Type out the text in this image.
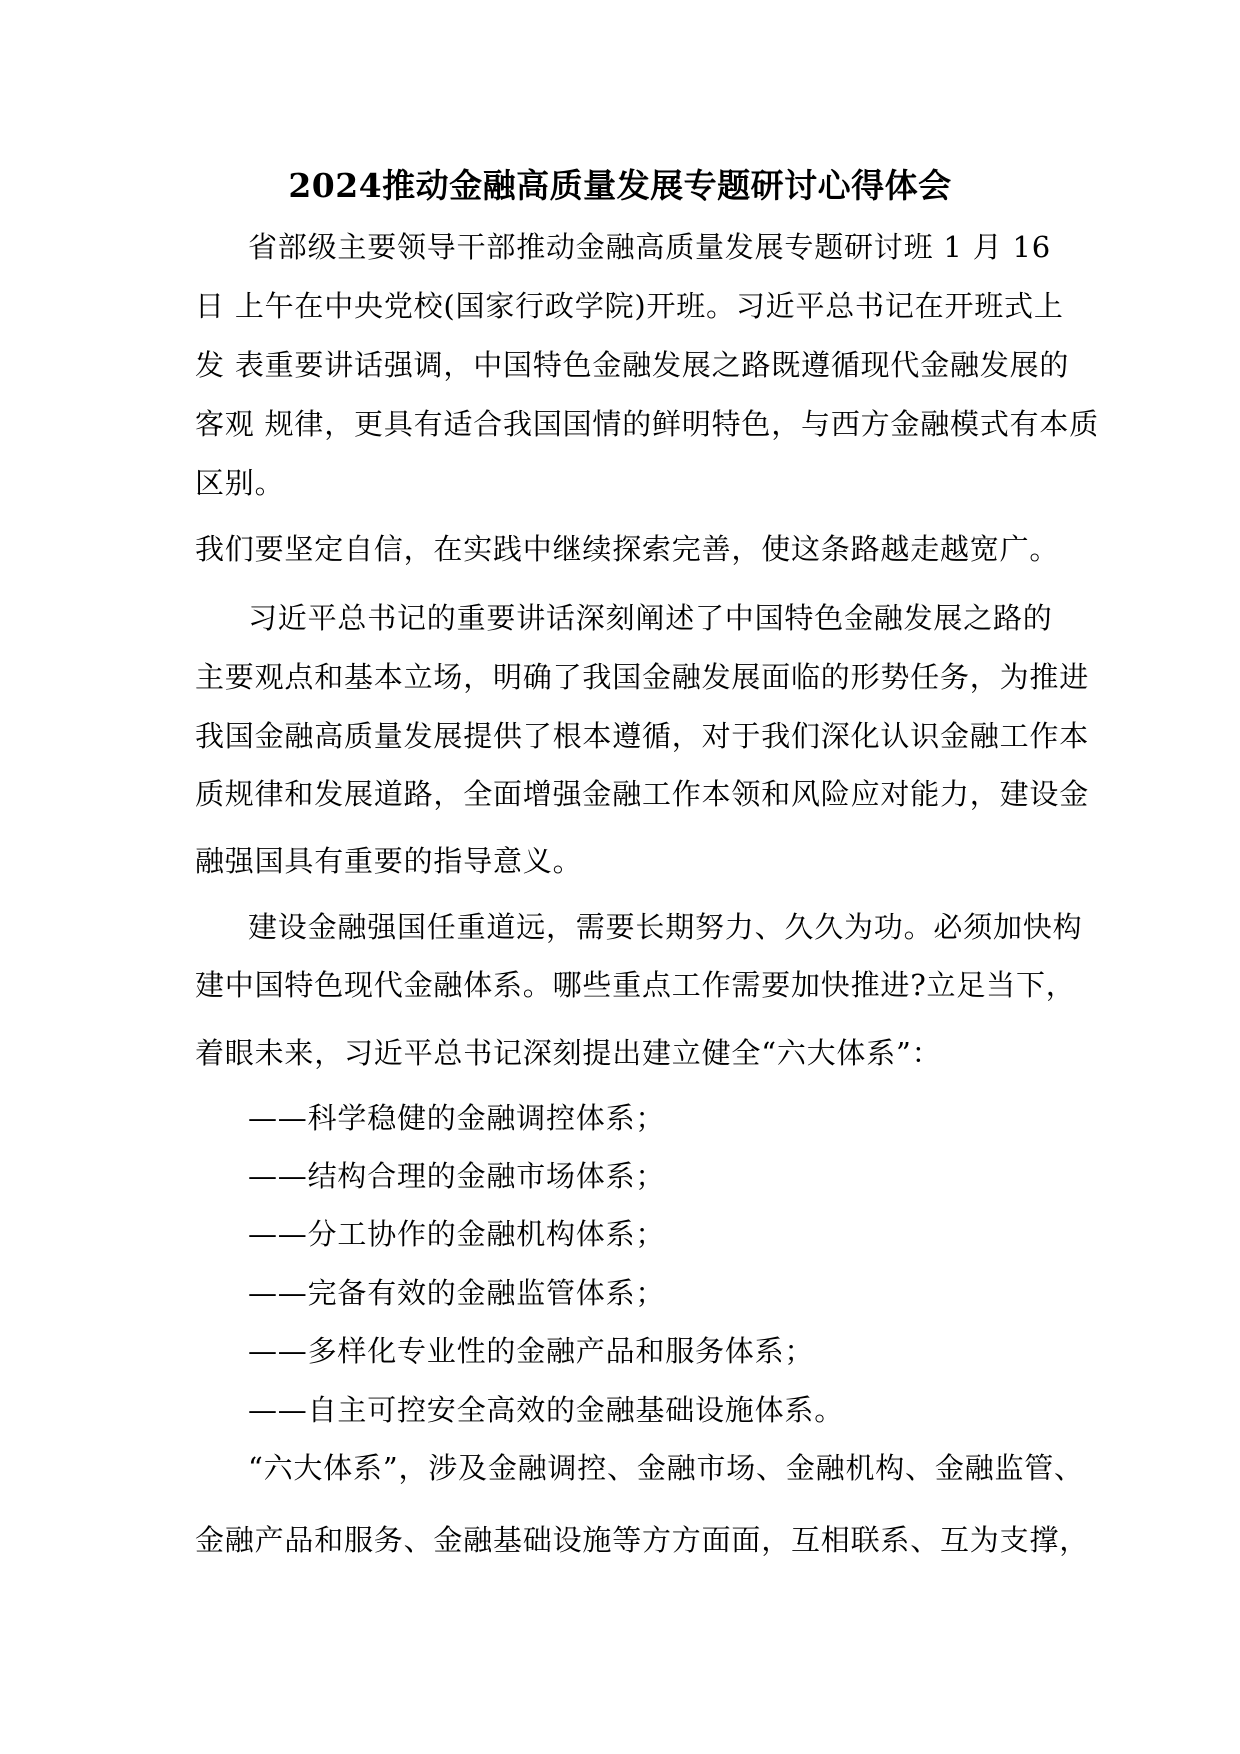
2024推动金融高质量发展专题研讨心得体会
省部级主要领导干部推动金融高质量发展专题研讨班 1 月 16
日 上午在中央党校(国家行政学院)开班。习近平总书记在开班式上
发 表重要讲话强调，中国特色金融发展之路既遵循现代金融发展的
客观 规律，更具有适合我国国情的鲜明特色，与西方金融模式有本质
区别。
我们要坚定自信，在实践中继续探索完善，使这条路越走越宽广。
习近平总书记的重要讲话深刻阐述了中国特色金融发展之路的
主要观点和基本立场，明确了我国金融发展面临的形势任务，为推进
我国金融高质量发展提供了根本遵循，对于我们深化认识金融工作本
质规律和发展道路，全面增强金融工作本领和风险应对能力，建设金
融强国具有重要的指导意义。
建设金融强国任重道远，需要长期努力、久久为功。必须加快构
建中国特色现代金融体系。哪些重点工作需要加快推进?立足当下，
着眼未来，习近平总书记深刻提出建立健全“六大体系”：
——科学稳健的金融调控体系；
——结构合理的金融市场体系；
——分工协作的金融机构体系；
——完备有效的金融监管体系；
——多样化专业性的金融产品和服务体系；
——自主可控安全高效的金融基础设施体系。
“六大体系”，涉及金融调控、金融市场、金融机构、金融监管、
金融产品和服务、金融基础设施等方方面面，互相联系、互为支撑，
